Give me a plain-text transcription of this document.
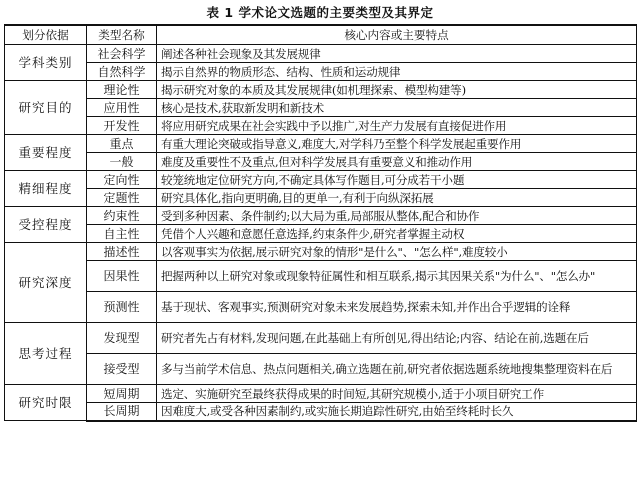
表 1 学术论文选题的主要类型及其界定
划分依据	类型名称	核心内容或主要特点
学科类别	社会科学	阐述各种社会现象及其发展规律
	自然科学	揭示自然界的物质形态、结构、性质和运动规律
研究目的	理论性	揭示研究对象的本质及其发展规律(如机理探索、模型构建等)
	应用性	核心是技术,获取新发明和新技术
	开发性	将应用研究成果在社会实践中予以推广,对生产力发展有直接促进作用
重要程度	重点	有重大理论突破或指导意义,难度大,对学科乃至整个科学发展起重要作用
	一般	难度及重要性不及重点,但对科学发展具有重要意义和推动作用
精细程度	定向性	较笼统地定位研究方向,不确定具体写作题目,可分成若干小题
	定题性	研究具体化,指向更明确,目的更单一,有利于向纵深拓展
受控程度	约束性	受到多种因素、条件制约;以大局为重,局部服从整体,配合和协作
	自主性	凭借个人兴趣和意愿任意选择,约束条件少,研究者掌握主动权
研究深度	描述性	以客观事实为依据,展示研究对象的情形"是什么"、"怎么样",难度较小
	因果性	把握两种以上研究对象或现象特征属性和相互联系,揭示其因果关系"为什么"、"怎么办"
	预测性	基于现状、客观事实,预测研究对象未来发展趋势,探索未知,并作出合乎逻辑的诠释
思考过程	发现型	研究者先占有材料,发现问题,在此基础上有所创见,得出结论;内容、结论在前,选题在后
	接受型	多与当前学术信息、热点问题相关,确立选题在前,研究者依据选题系统地搜集整理资料在后
研究时限	短周期	选定、实施研究至最终获得成果的时间短,其研究规模小,适于小项目研究工作
	长周期	因难度大,或受各种因素制约,或实施长期追踪性研究,由始至终耗时长久
